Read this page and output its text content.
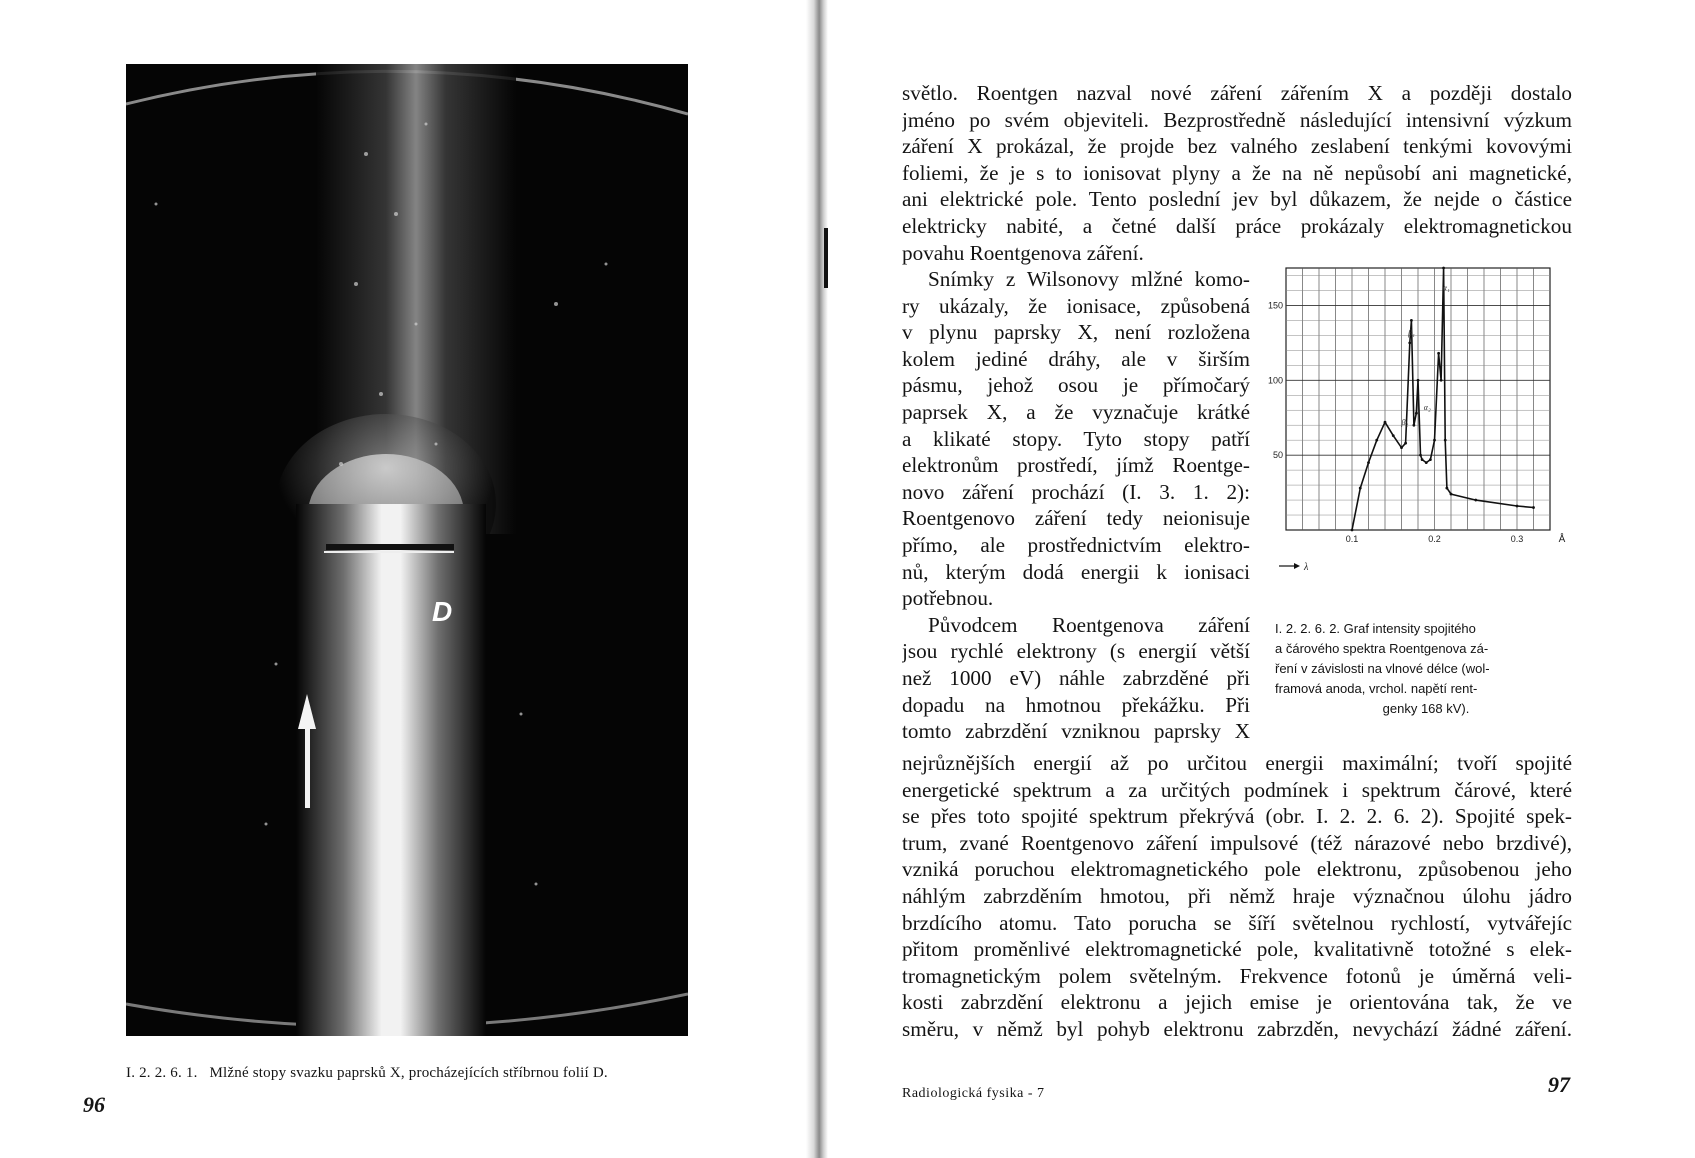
D
I. 2. 2. 6. 1. Mlžné stopy svazku paprsků X, procházejících stříbrnou folií D.
96
světlo. Roentgen nazval nové záření zářením X a později dostalo
jméno po svém objeviteli. Bezprostředně následující intensivní výzkum
záření X prokázal, že projde bez valného zeslabení tenkými kovovými
foliemi, že je s to ionisovat plyny a že na ně nepůsobí ani magnetické,
ani elektrické pole. Tento poslední jev byl důkazem, že nejde o částice
elektricky nabité, a četné další práce prokázaly elektromagnetickou
povahu Roentgenova záření.
Snímky z Wilsonovy mlžné komo-
ry ukázaly, že ionisace, způsobená
v plynu paprsky X, není rozložena
kolem jediné dráhy, ale v širším
pásmu, jehož osou je přímočarý
paprsek X, a že vyznačuje krátké
a klikaté stopy. Tyto stopy patří
elektronům prostředí, jímž Roentge-
novo záření prochází (I. 3. 1. 2):
Roentgenovo záření tedy neionisuje
přímo, ale prostřednictvím elektro-
nů, kterým dodá energii k ionisaci
potřebnou.
Původcem Roentgenova záření
jsou rychlé elektrony (s energií větší
než 1000 eV) náhle zabrzděné při
dopadu na hmotnou překážku. Při
tomto zabrzdění vzniknou paprsky X
nejrůznějších energií až po určitou energii maximální; tvoří spojité
energetické spektrum a za určitých podmínek i spektrum čárové, které
se přes toto spojité spektrum překrývá (obr. I. 2. 2. 6. 2). Spojité spek-
trum, zvané Roentgenovo záření impulsové (též nárazové nebo brzdivé),
vzniká poruchou elektromagnetického pole elektronu, způsobenou jeho
náhlým zabrzděním hmotou, při němž hraje význačnou úlohu jádro
brzdícího atomu. Tato porucha se šíří světelnou rychlostí, vytvářejíc
přitom proměnlivé elektromagnetické pole, kvalitativně totožné s elek-
tromagnetickým polem světelným. Frekvence fotonů je úměrná veli-
kosti zabrzdění elektronu a jejich emise je orientována tak, že ve
směru, v němž byl pohyb elektronu zabrzděn, nevychází žádné záření.
50
100
150
0.1	0.2	0.3	Å
β₁
β₂
α₁
α₂
λ
I. 2. 2. 6. 2. Graf intensity spojitého
a čárového spektra Roentgenova zá-
ření v závislosti na vlnové délce (wol-
framová anoda, vrchol. napětí rent-
genky 168 kV).
Radiologická fysika - 7	97
